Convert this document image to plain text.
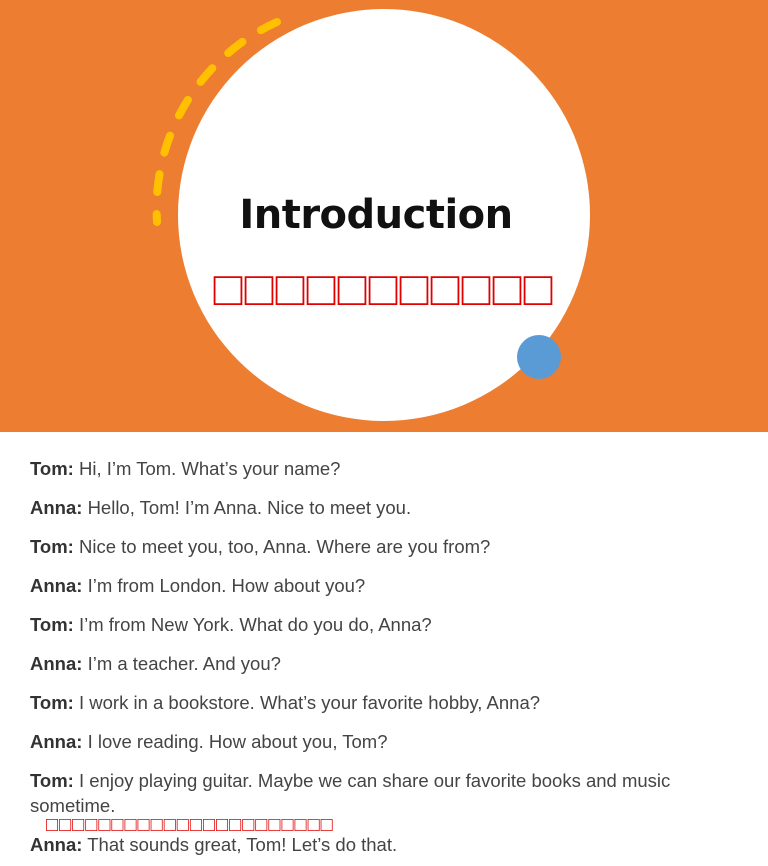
Introduction
□□□□□□□□□□□

Tom: Hi, I’m Tom. What’s your name?

Anna: Hello, Tom! I’m Anna. Nice to meet you.

Tom: Nice to meet you, too, Anna. Where are you from?

Anna: I’m from London. How about you?

Tom: I’m from New York. What do you do, Anna?

Anna: I’m a teacher. And you?

Tom: I work in a bookstore. What’s your favorite hobby, Anna?

Anna: I love reading. How about you, Tom?

Tom: I enjoy playing guitar. Maybe we can share our favorite books and music sometime.

Anna: That sounds great, Tom! Let’s do that.

□□□□□□□□□□□□□□□□□□□□□□
